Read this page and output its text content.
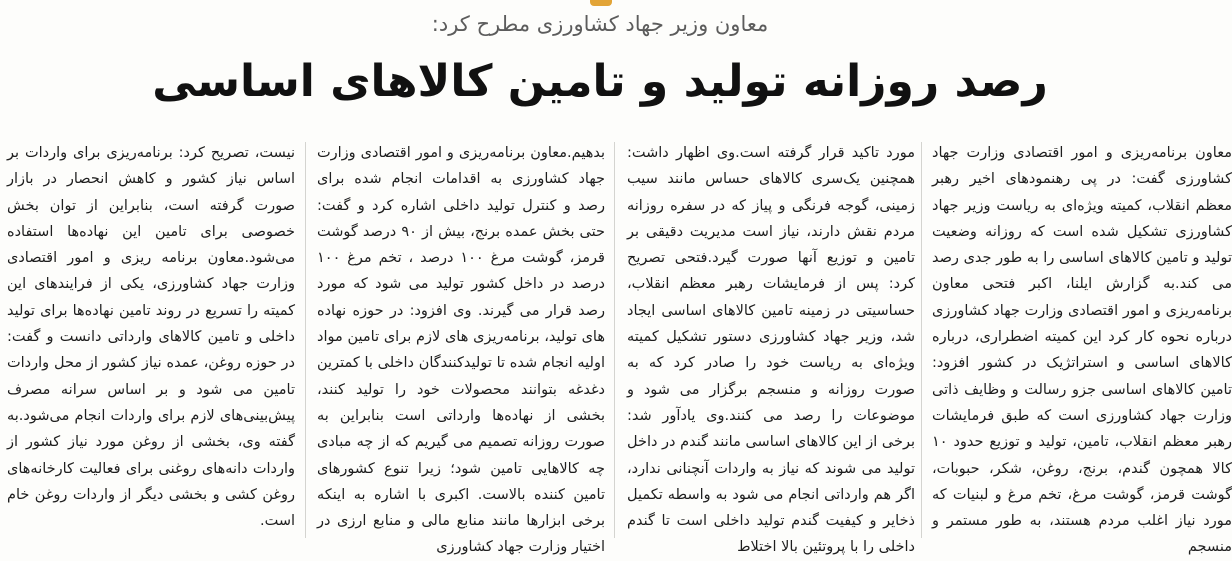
معاون وزیر جهاد کشاورزی مطرح کرد:
رصد روزانه تولید و تامین کالاهای اساسی

معاون برنامه‌ریزی و امور اقتصادی وزارت جهاد کشاورزی گفت: در پی رهنمودهای اخیر رهبر معظم انقلاب، کمیته ویژه‌ای به ریاست وزیر جهاد کشاورزی تشکیل شده است که روزانه وضعیت تولید و تامین کالاهای اساسی را به طور جدی رصد می کند.به گزارش ایلنا، اکبر فتحی معاون برنامه‌ریزی و امور اقتصادی وزارت جهاد کشاورزی درباره نحوه کار کرد این کمیته اضطراری، درباره کالاهای اساسی و استراتژیک در کشور افزود: تامین کالاهای اساسی جزو رسالت و وظایف ذاتی وزارت جهاد کشاورزی است که طبق فرمایشات رهبر معظم انقلاب، تامین، تولید و توزیع حدود ۱۰ کالا همچون گندم، برنج، روغن، شکر، حبوبات، گوشت قرمز، گوشت مرغ، تخم مرغ و لبنیات که مورد نیاز اغلب مردم هستند، به طور مستمر و منسجم

مورد تاکید قرار گرفته است.وی اظهار داشت: همچنین یک‌سری کالاهای حساس مانند سیب زمینی، گوجه فرنگی و پیاز که در سفره روزانه مردم نقش دارند، نیاز است مدیریت دقیقی بر تامین و توزیع آنها صورت گیرد.فتحی تصریح کرد: پس از فرمایشات رهبر معظم انقلاب، حساسیتی در زمینه تامین کالاهای اساسی ایجاد شد، وزیر جهاد کشاورزی دستور تشکیل کمیته ویژه‌ای به ریاست خود را صادر کرد که به صورت روزانه و منسجم برگزار می شود و موضوعات را رصد می کنند.وی یادآور شد: برخی از این کالاهای اساسی مانند گندم در داخل تولید می شوند که نیاز به واردات آنچنانی ندارد، اگر هم وارداتی انجام می شود به واسطه تکمیل ذخایر و کیفیت گندم تولید داخلی است تا گندم داخلی را با پروتئین بالا اختلاط

بدهیم.معاون برنامه‌ریزی و امور اقتصادی وزارت جهاد کشاورزی به اقدامات انجام شده برای رصد و کنترل تولید داخلی اشاره کرد و گفت: حتی بخش عمده برنج، بیش از ۹۰ درصد گوشت قرمز، گوشت مرغ ۱۰۰ درصد ، تخم مرغ ۱۰۰ درصد در داخل کشور تولید می شود که مورد رصد قرار می گیرند. وی افزود: در حوزه نهاده های تولید، برنامه‌ریزی های لازم برای تامین مواد اولیه انجام شده تا تولیدکنندگان داخلی با کمترین دغدغه بتوانند محصولات خود را تولید کنند، بخشی از نهاده‌ها وارداتی است بنابراین به صورت روزانه تصمیم می گیریم که از چه مبادی چه کالاهایی تامین شود؛ زیرا تنوع کشورهای تامین کننده بالاست. اکبری با اشاره به اینکه برخی ابزارها مانند منابع مالی و منابع ارزی در اختیار وزارت جهاد کشاورزی

نیست، تصریح کرد: برنامه‌ریزی برای واردات بر اساس نیاز کشور و کاهش انحصار در بازار صورت گرفته است، بنابراین از توان بخش خصوصی برای تامین این نهاده‌ها استفاده می‌شود.معاون برنامه ریزی و امور اقتصادی وزارت جهاد کشاورزی، یکی از فرایندهای این کمیته را تسریع در روند تامین نهاده‌ها برای تولید داخلی و تامین کالاهای وارداتی دانست و گفت: در حوزه روغن، عمده نیاز کشور از محل واردات تامین می شود و بر اساس سرانه مصرف پیش‌بینی‌های لازم برای واردات انجام می‌شود.به گفته وی، بخشی از روغن مورد نیاز کشور از واردات دانه‌های روغنی برای فعالیت کارخانه‌های روغن کشی و بخشی دیگر از واردات روغن خام است.
